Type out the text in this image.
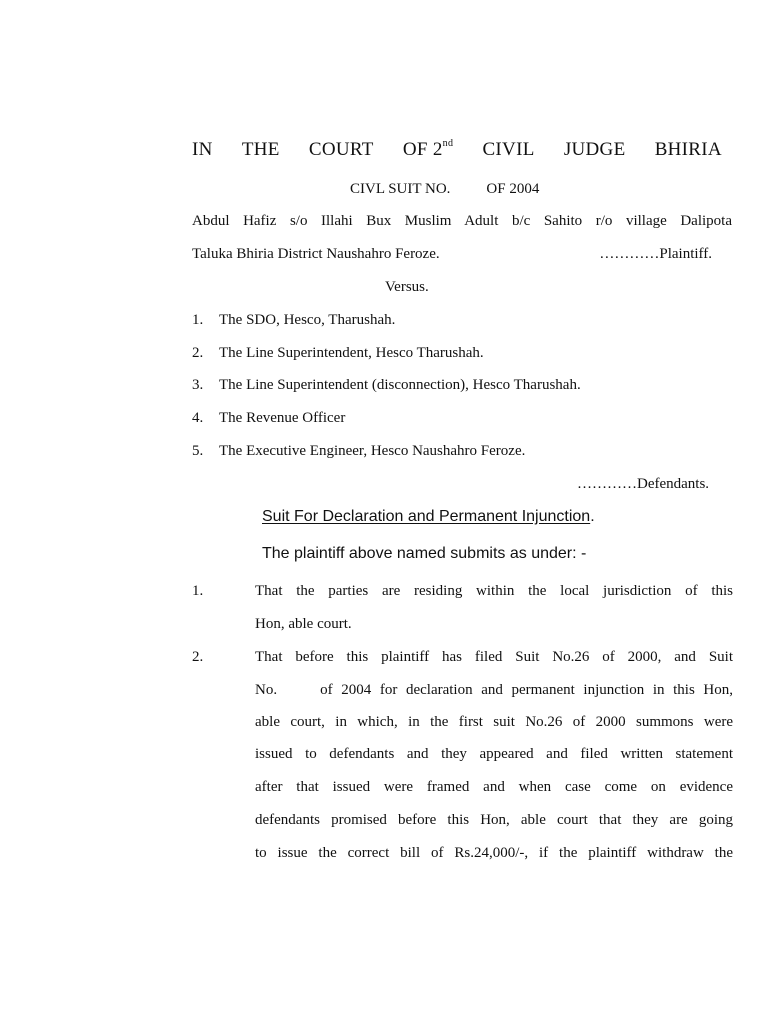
IN THE COURT OF 2nd CIVIL JUDGE BHIRIA
CIVL SUIT NO. OF 2004
Abdul Hafiz s/o Illahi Bux Muslim Adult b/c Sahito r/o village Dalipota
Taluka Bhiria District Naushahro Feroze.	…………Plaintiff.
Versus.
1. The SDO, Hesco, Tharushah.
2. The Line Superintendent, Hesco Tharushah.
3. The Line Superintendent (disconnection), Hesco Tharushah.
4. The Revenue Officer
5. The Executive Engineer, Hesco Naushahro Feroze.
…………Defendants.
Suit For Declaration and Permanent Injunction.
The plaintiff above named submits as under: -
1.	That the parties are residing within the local jurisdiction of this
Hon, able court.
2.	That before this plaintiff has filed Suit No.26 of 2000, and Suit
No.     of 2004 for declaration and permanent injunction in this Hon,
able court, in which, in the first suit No.26 of 2000 summons were
issued to defendants and they appeared and filed written statement
after that issued were framed and when case come on evidence
defendants promised before this Hon, able court that they are going
to issue the correct bill of Rs.24,000/-, if the plaintiff withdraw the
